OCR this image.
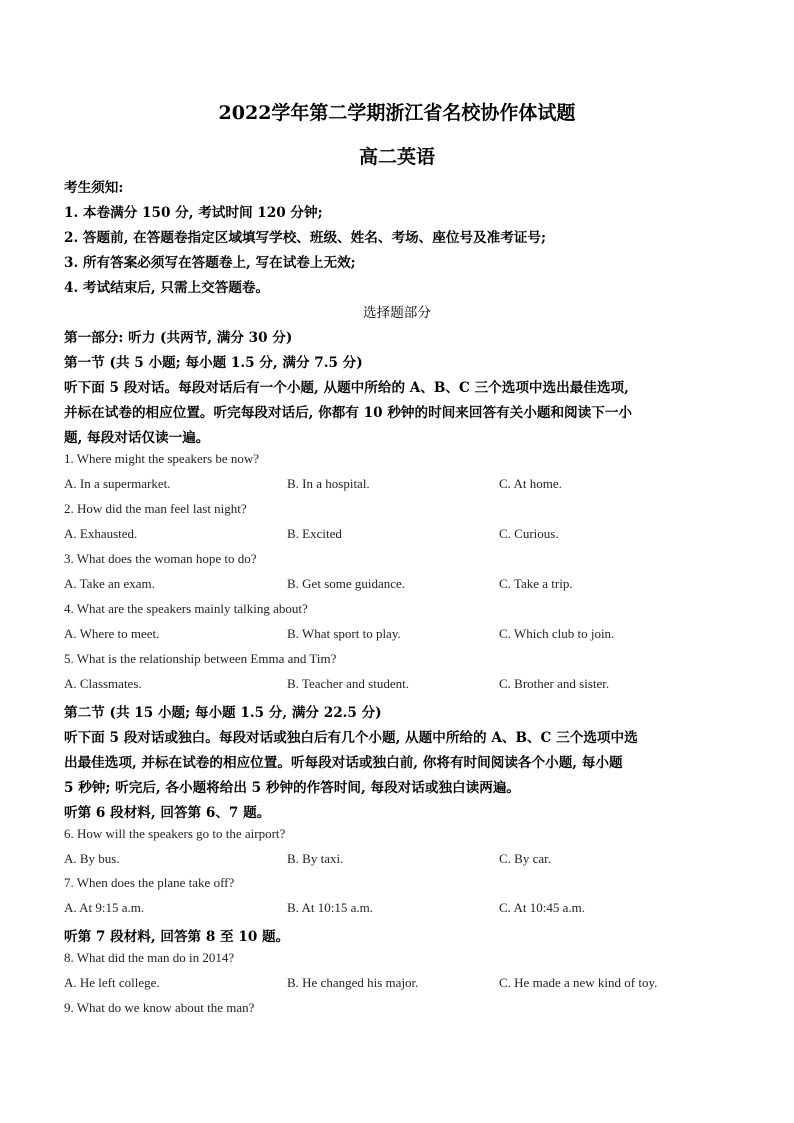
2022学年第二学期浙江省名校协作体试题
高二英语
考生须知:
1. 本卷满分 150 分, 考试时间 120 分钟;
2. 答题前, 在答题卷指定区域填写学校、班级、姓名、考场、座位号及准考证号;
3. 所有答案必须写在答题卷上, 写在试卷上无效;
4. 考试结束后, 只需上交答题卷。
选择题部分
第一部分: 听力 (共两节, 满分 30 分)
第一节 (共 5 小题; 每小题 1.5 分, 满分 7.5 分)
听下面 5 段对话。每段对话后有一个小题, 从题中所给的 A、B、C 三个选项中选出最佳选项,
并标在试卷的相应位置。听完每段对话后, 你都有 10 秒钟的时间来回答有关小题和阅读下一小
题, 每段对话仅读一遍。
1. Where might the speakers be now?
A. In a supermarket.	B. In a hospital.	C. At home.
2. How did the man feel last night?
A. Exhausted.	B. Excited	C. Curious.
3. What does the woman hope to do?
A. Take an exam.	B. Get some guidance.	C. Take a trip.
4. What are the speakers mainly talking about?
A. Where to meet.	B. What sport to play.	C. Which club to join.
5. What is the relationship between Emma and Tim?
A. Classmates.	B. Teacher and student.	C. Brother and sister.
第二节 (共 15 小题; 每小题 1.5 分, 满分 22.5 分)
听下面 5 段对话或独白。每段对话或独白后有几个小题, 从题中所给的 A、B、C 三个选项中选
出最佳选项, 并标在试卷的相应位置。听每段对话或独白前, 你将有时间阅读各个小题, 每小题
5 秒钟; 听完后, 各小题将给出 5 秒钟的作答时间, 每段对话或独白读两遍。
听第 6 段材料, 回答第 6、7 题。
6. How will the speakers go to the airport?
A. By bus.	B. By taxi.	C. By car.
7. When does the plane take off?
A. At 9:15 a.m.	B. At 10:15 a.m.	C. At 10:45 a.m.
听第 7 段材料, 回答第 8 至 10 题。
8. What did the man do in 2014?
A. He left college.	B. He changed his major.	C. He made a new kind of toy.
9. What do we know about the man?
